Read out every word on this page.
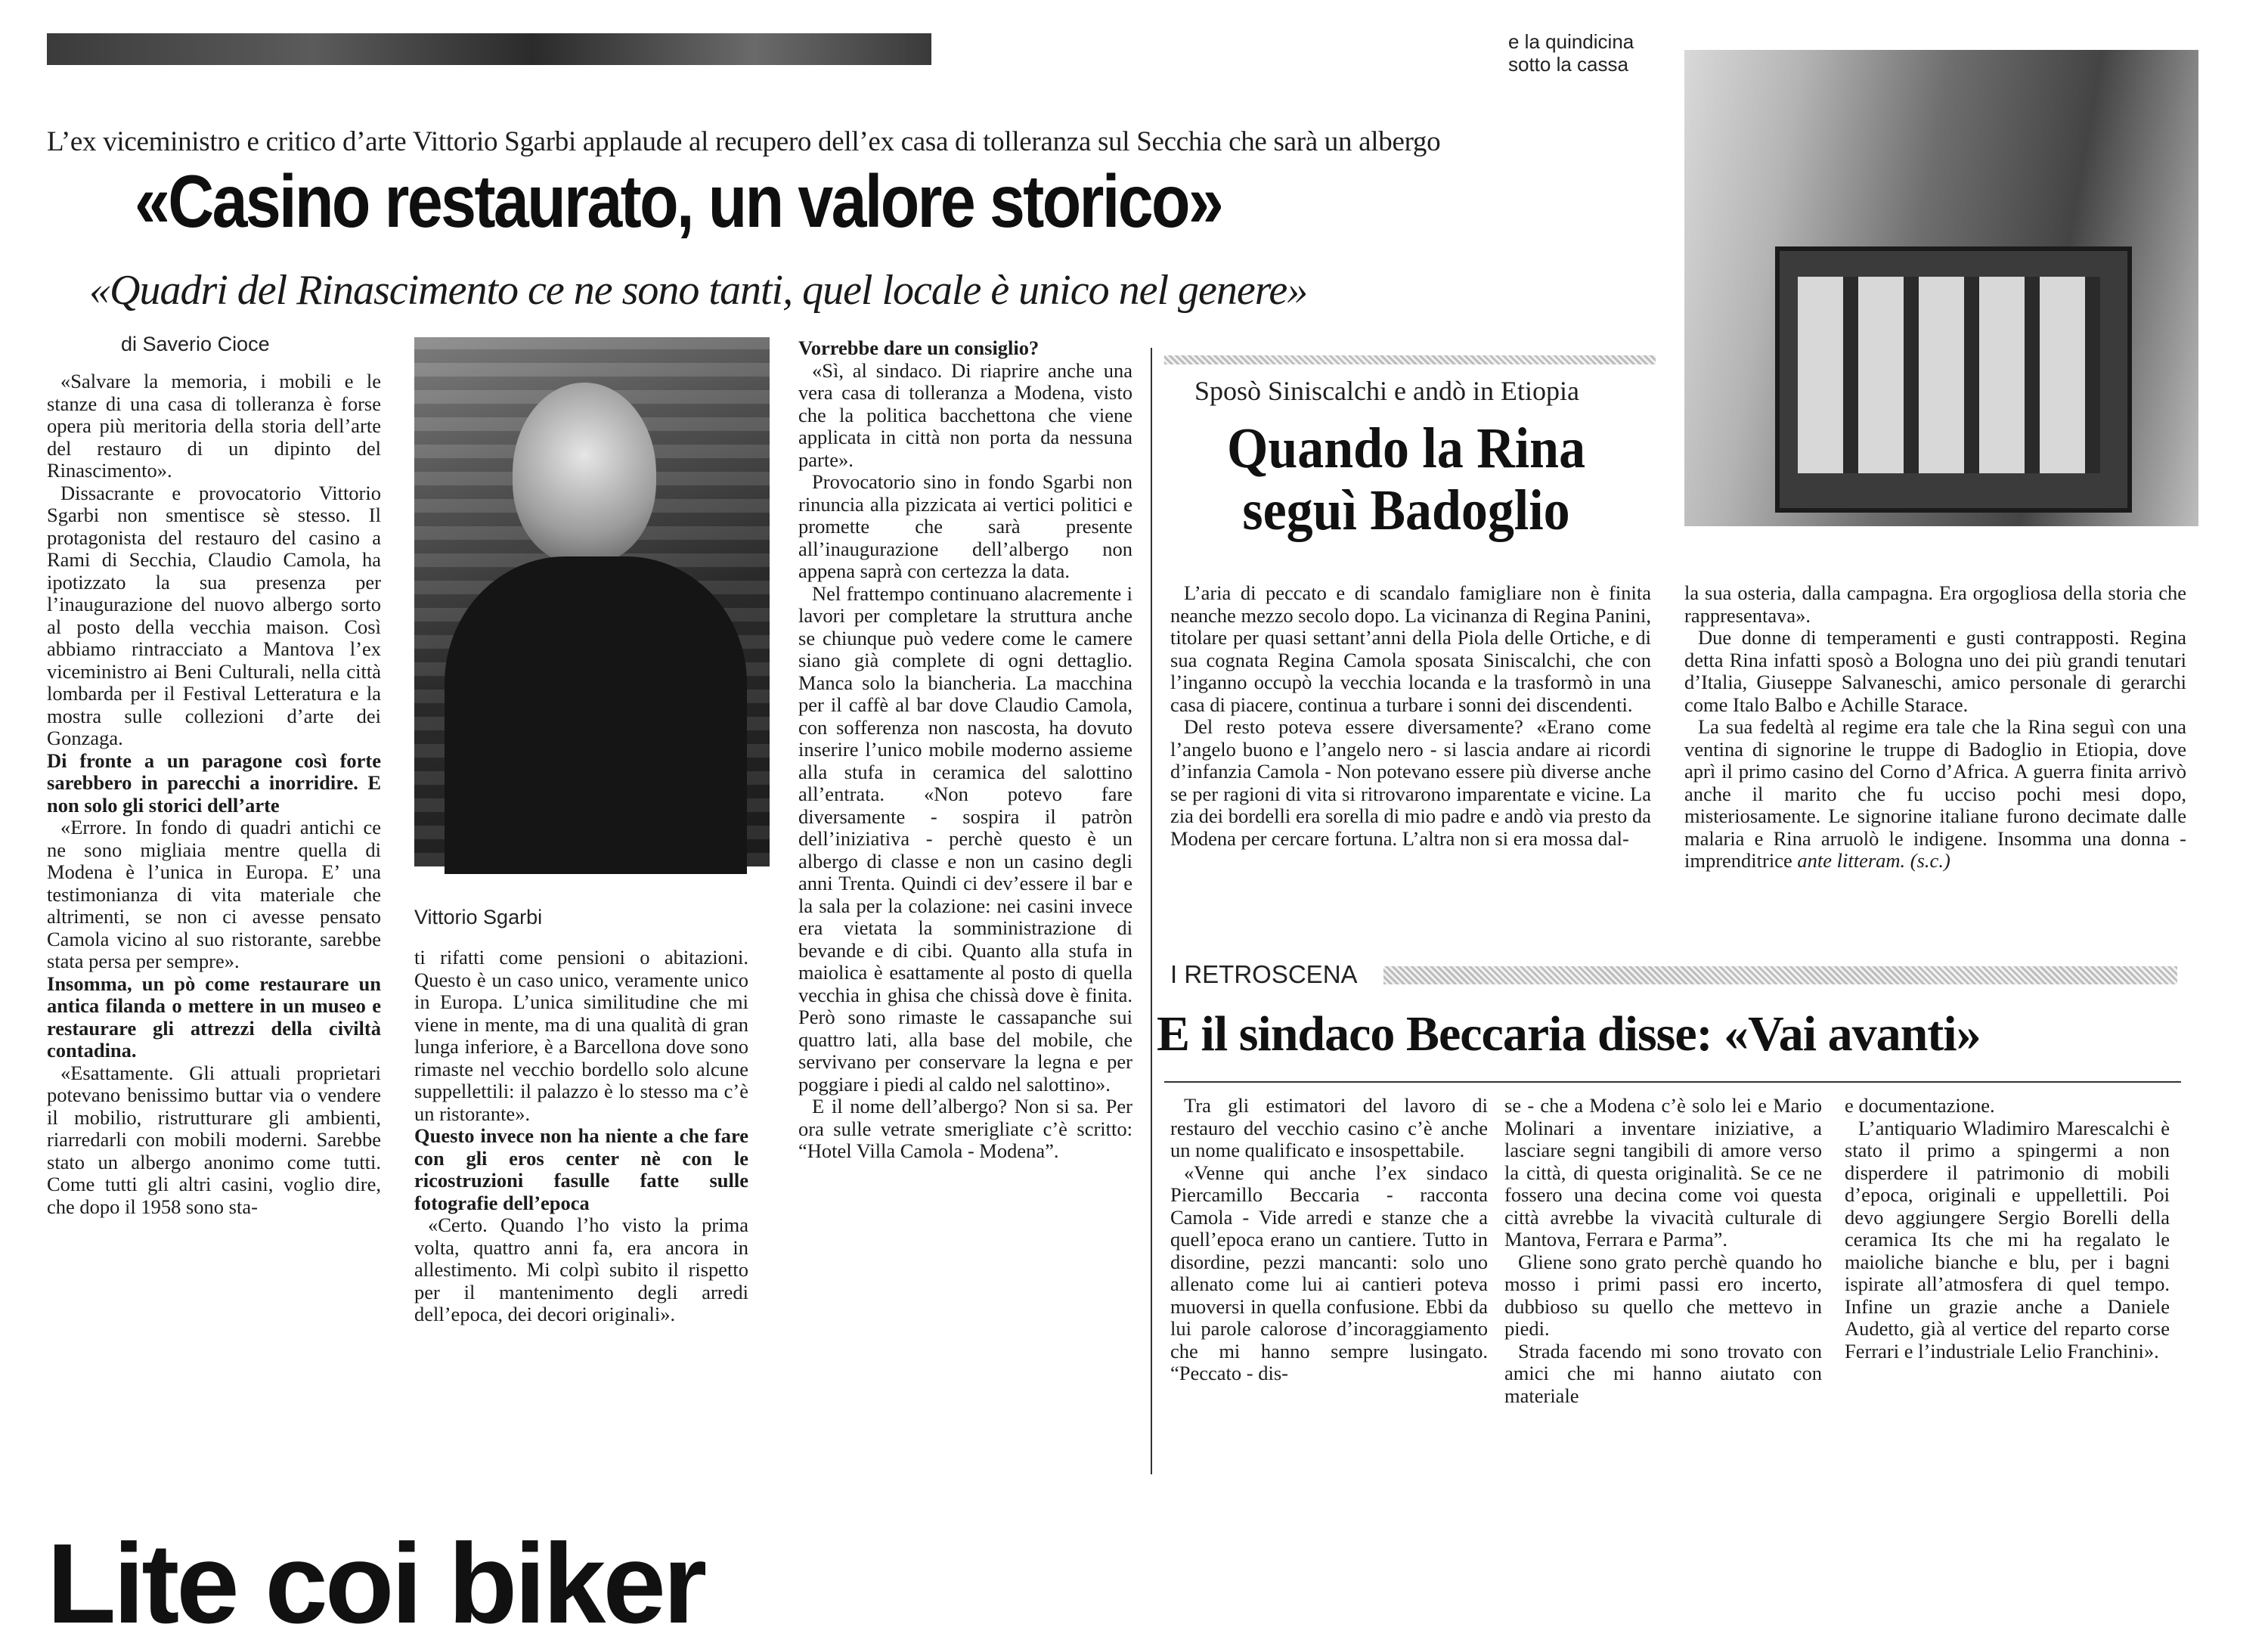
e la quindicina
sotto la cassa
L’ex viceministro e critico d’arte Vittorio Sgarbi applaude al recupero dell’ex casa di tolleranza sul Secchia che sarà un albergo
«Casino restaurato, un valore storico»
«Quadri del Rinascimento ce ne sono tanti, quel locale è unico nel genere»
di Saverio Cioce
Vittorio Sgarbi

«Salvare la memoria, i mobili e le stanze di una casa di tolleranza è forse opera più meritoria della storia dell’arte del restauro di un dipinto del Rinascimento».

Dissacrante e provocatorio Vittorio Sgarbi non smentisce sè stesso. Il protagonista del restauro del casino a Rami di Secchia, Claudio Camola, ha ipotizzato la sua presenza per l’inaugurazione del nuovo albergo sorto al posto della vecchia maison. Così abbiamo rintracciato a Mantova l’ex viceministro ai Beni Culturali, nella città lombarda per il Festival Letteratura e la mostra sulle collezioni d’arte dei Gonzaga.

Di fronte a un paragone così forte sarebbero in parecchi a inorridire. E non solo gli storici dell’arte

«Errore. In fondo di quadri antichi ce ne sono migliaia mentre quella di Modena è l’unica in Europa. E’ una testimonianza di vita materiale che altrimenti, se non ci avesse pensato Camola vicino al suo ristorante, sarebbe stata persa per sempre».

Insomma, un pò come restaurare un antica filanda o mettere in un museo e restaurare gli attrezzi della civiltà contadina.

«Esattamente. Gli attuali proprietari potevano benissimo buttar via o vendere il mobilio, ristrutturare gli ambienti, riarredarli con mobili moderni. Sarebbe stato un albergo anonimo come tutti. Come tutti gli altri casini, voglio dire, che dopo il 1958 sono sta-

ti rifatti come pensioni o abitazioni. Questo è un caso unico, veramente unico in Europa. L’unica similitudine che mi viene in mente, ma di una qualità di gran lunga inferiore, è a Barcellona dove sono rimaste nel vecchio bordello solo alcune suppellettili: il palazzo è lo stesso ma c’è un ristorante».

Questo invece non ha niente a che fare con gli eros center nè con le ricostruzioni fasulle fatte sulle fotografie dell’epoca

«Certo. Quando l’ho visto la prima volta, quattro anni fa, era ancora in allestimento. Mi colpì subito il rispetto per il mantenimento degli arredi dell’epoca, dei decori originali».

Vorrebbe dare un consiglio?

«Sì, al sindaco. Di riaprire anche una vera casa di tolleranza a Modena, visto che la politica bacchettona che viene applicata in città non porta da nessuna parte».

Provocatorio sino in fondo Sgarbi non rinuncia alla pizzicata ai vertici politici e promette che sarà presente all’inaugurazione dell’albergo non appena saprà con certezza la data.

Nel frattempo continuano alacremente i lavori per completare la struttura anche se chiunque può vedere come le camere siano già complete di ogni dettaglio. Manca solo la biancheria. La macchina per il caffè al bar dove Claudio Camola, con sofferenza non nascosta, ha dovuto inserire l’unico mobile moderno assieme alla stufa in ceramica del salottino all’entrata. «Non potevo fare diversamente - sospira il patròn dell’iniziativa - perchè questo è un albergo di classe e non un casino degli anni Trenta. Quindi ci dev’essere il bar e la sala per la colazione: nei casini invece era vietata la somministrazione di bevande e di cibi. Quanto alla stufa in maiolica è esattamente al posto di quella vecchia in ghisa che chissà dove è finita. Però sono rimaste le cassapanche sui quattro lati, alla base del mobile, che servivano per conservare la legna e per poggiare i piedi al caldo nel salottino».

E il nome dell’albergo? Non si sa. Per ora sulle vetrate smerigliate c’è scritto: “Hotel Villa Camola - Modena”.

Sposò Siniscalchi e andò in Etiopia
Quando la Rina
seguì Badoglio

L’aria di peccato e di scandalo famigliare non è finita neanche mezzo secolo dopo. La vicinanza di Regina Panini, titolare per quasi settant’anni della Piola delle Ortiche, e di sua cognata Regina Camola sposata Siniscalchi, che con l’inganno occupò la vecchia locanda e la trasformò in una casa di piacere, continua a turbare i sonni dei discendenti.

Del resto poteva essere diversamente? «Erano come l’angelo buono e l’angelo nero - si lascia andare ai ricordi d’infanzia Camola - Non potevano essere più diverse anche se per ragioni di vita si ritrovarono imparentate e vicine. La zia dei bordelli era sorella di mio padre e andò via presto da Modena per cercare fortuna. L’altra non si era mossa dal-

la sua osteria, dalla campagna. Era orgogliosa della storia che rappresentava».

Due donne di temperamenti e gusti contrapposti. Regina detta Rina infatti sposò a Bologna uno dei più grandi tenutari d’Italia, Giuseppe Salvaneschi, amico personale di gerarchi come Italo Balbo e Achille Starace.

La sua fedeltà al regime era tale che la Rina seguì con una ventina di signorine le truppe di Badoglio in Etiopia, dove aprì il primo casino del Corno d’Africa. A guerra finita arrivò anche il marito che fu ucciso pochi mesi dopo, misteriosamente. Le signorine italiane furono decimate dalle malaria e Rina arruolò le indigene. Insomma una donna - imprenditrice ante litteram. (s.c.)

I RETROSCENA
E il sindaco Beccaria disse: «Vai avanti»

Tra gli estimatori del lavoro di restauro del vecchio casino c’è anche un nome qualificato e insospettabile.

«Venne qui anche l’ex sindaco Piercamillo Beccaria - racconta Camola - Vide arredi e stanze che a quell’epoca erano un cantiere. Tutto in disordine, pezzi mancanti: solo uno allenato come lui ai cantieri poteva muoversi in quella confusione. Ebbi da lui parole calorose d’incoraggiamento che mi hanno sempre lusingato. “Peccato - dis-

se - che a Modena c’è solo lei e Mario Molinari a inventare iniziative, a lasciare segni tangibili di amore verso la città, di questa originalità. Se ce ne fossero una decina come voi questa città avrebbe la vivacità culturale di Mantova, Ferrara e Parma”.

Gliene sono grato perchè quando ho mosso i primi passi ero incerto, dubbioso su quello che mettevo in piedi.

Strada facendo mi sono trovato con amici che mi hanno aiutato con materiale

e documentazione.

L’antiquario Wladimiro Marescalchi è stato il primo a spingermi a non disperdere il patrimonio di mobili d’epoca, originali e uppellettili. Poi devo aggiungere Sergio Borelli della ceramica Its che mi ha regalato le maioliche bianche e blu, per i bagni ispirate all’atmosfera di quel tempo. Infine un grazie anche a Daniele Audetto, già al vertice del reparto corse Ferrari e l’industriale Lelio Franchini».

Lite coi biker
